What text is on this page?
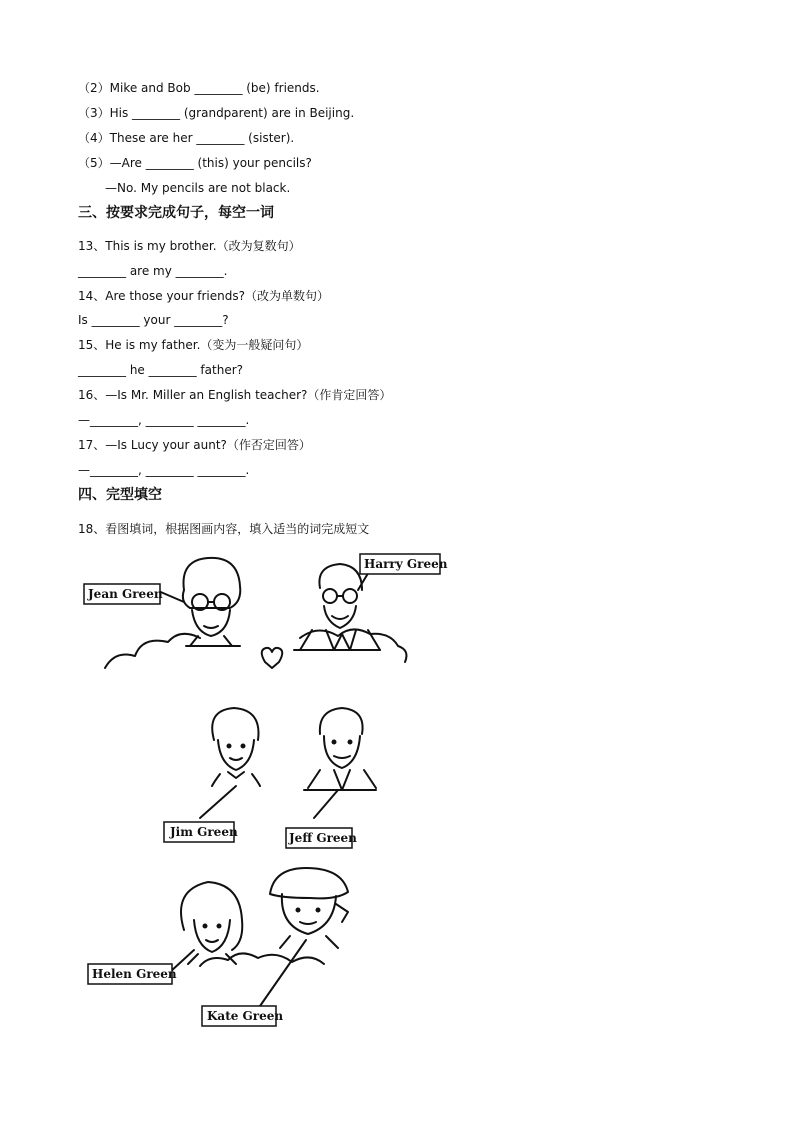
（2）Mike and Bob ________ (be) friends.
（3）His ________ (grandparent) are in Beijing.
（4）These are her ________ (sister).
（5）—Are ________ (this) your pencils?
—No. My pencils are not black.
三、按要求完成句子，每空一词
13、This is my brother.（改为复数句）
________ are my ________.
14、Are those your friends?（改为单数句）
Is ________ your ________?
15、He is my father.（变为一般疑问句）
________ he ________ father?
16、—Is Mr. Miller an English teacher?（作肯定回答）
—________, ________ ________.
17、—Is Lucy your aunt?（作否定回答）
—________, ________ ________.
四、完型填空
18、看图填词，根据图画内容，填入适当的词完成短文
Jean Green
Harry Green
Jim Green	Jeff Green
Helen Green
Kate Green
